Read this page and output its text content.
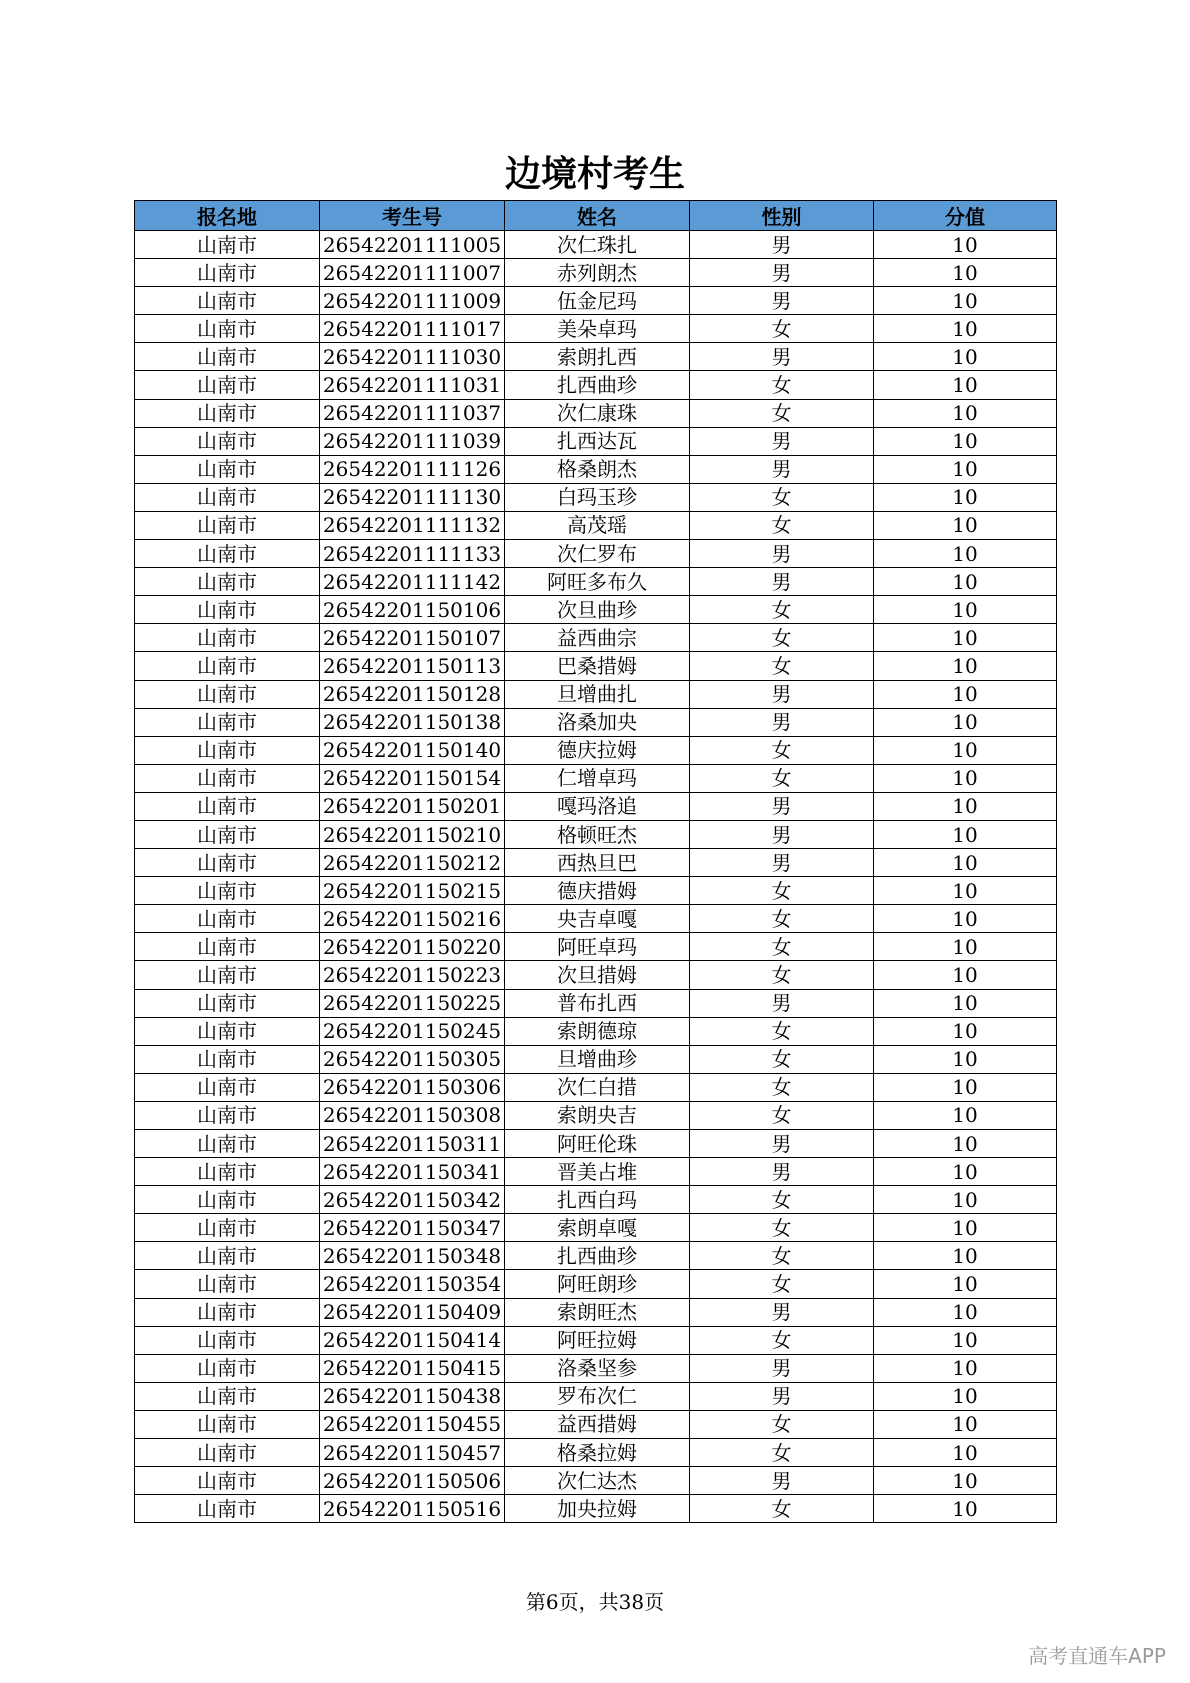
边境村考生
报名地	考生号	姓名	性别	分值
山南市	26542201111005	次仁珠扎	男	10
山南市	26542201111007	赤列朗杰	男	10
山南市	26542201111009	伍金尼玛	男	10
山南市	26542201111017	美朵卓玛	女	10
山南市	26542201111030	索朗扎西	男	10
山南市	26542201111031	扎西曲珍	女	10
山南市	26542201111037	次仁康珠	女	10
山南市	26542201111039	扎西达瓦	男	10
山南市	26542201111126	格桑朗杰	男	10
山南市	26542201111130	白玛玉珍	女	10
山南市	26542201111132	高茂瑶	女	10
山南市	26542201111133	次仁罗布	男	10
山南市	26542201111142	阿旺多布久	男	10
山南市	26542201150106	次旦曲珍	女	10
山南市	26542201150107	益西曲宗	女	10
山南市	26542201150113	巴桑措姆	女	10
山南市	26542201150128	旦增曲扎	男	10
山南市	26542201150138	洛桑加央	男	10
山南市	26542201150140	德庆拉姆	女	10
山南市	26542201150154	仁增卓玛	女	10
山南市	26542201150201	嘎玛洛追	男	10
山南市	26542201150210	格顿旺杰	男	10
山南市	26542201150212	西热旦巴	男	10
山南市	26542201150215	德庆措姆	女	10
山南市	26542201150216	央吉卓嘎	女	10
山南市	26542201150220	阿旺卓玛	女	10
山南市	26542201150223	次旦措姆	女	10
山南市	26542201150225	普布扎西	男	10
山南市	26542201150245	索朗德琼	女	10
山南市	26542201150305	旦增曲珍	女	10
山南市	26542201150306	次仁白措	女	10
山南市	26542201150308	索朗央吉	女	10
山南市	26542201150311	阿旺伦珠	男	10
山南市	26542201150341	晋美占堆	男	10
山南市	26542201150342	扎西白玛	女	10
山南市	26542201150347	索朗卓嘎	女	10
山南市	26542201150348	扎西曲珍	女	10
山南市	26542201150354	阿旺朗珍	女	10
山南市	26542201150409	索朗旺杰	男	10
山南市	26542201150414	阿旺拉姆	女	10
山南市	26542201150415	洛桑坚参	男	10
山南市	26542201150438	罗布次仁	男	10
山南市	26542201150455	益西措姆	女	10
山南市	26542201150457	格桑拉姆	女	10
山南市	26542201150506	次仁达杰	男	10
山南市	26542201150516	加央拉姆	女	10
第6页，共38页
高考直通车APP
